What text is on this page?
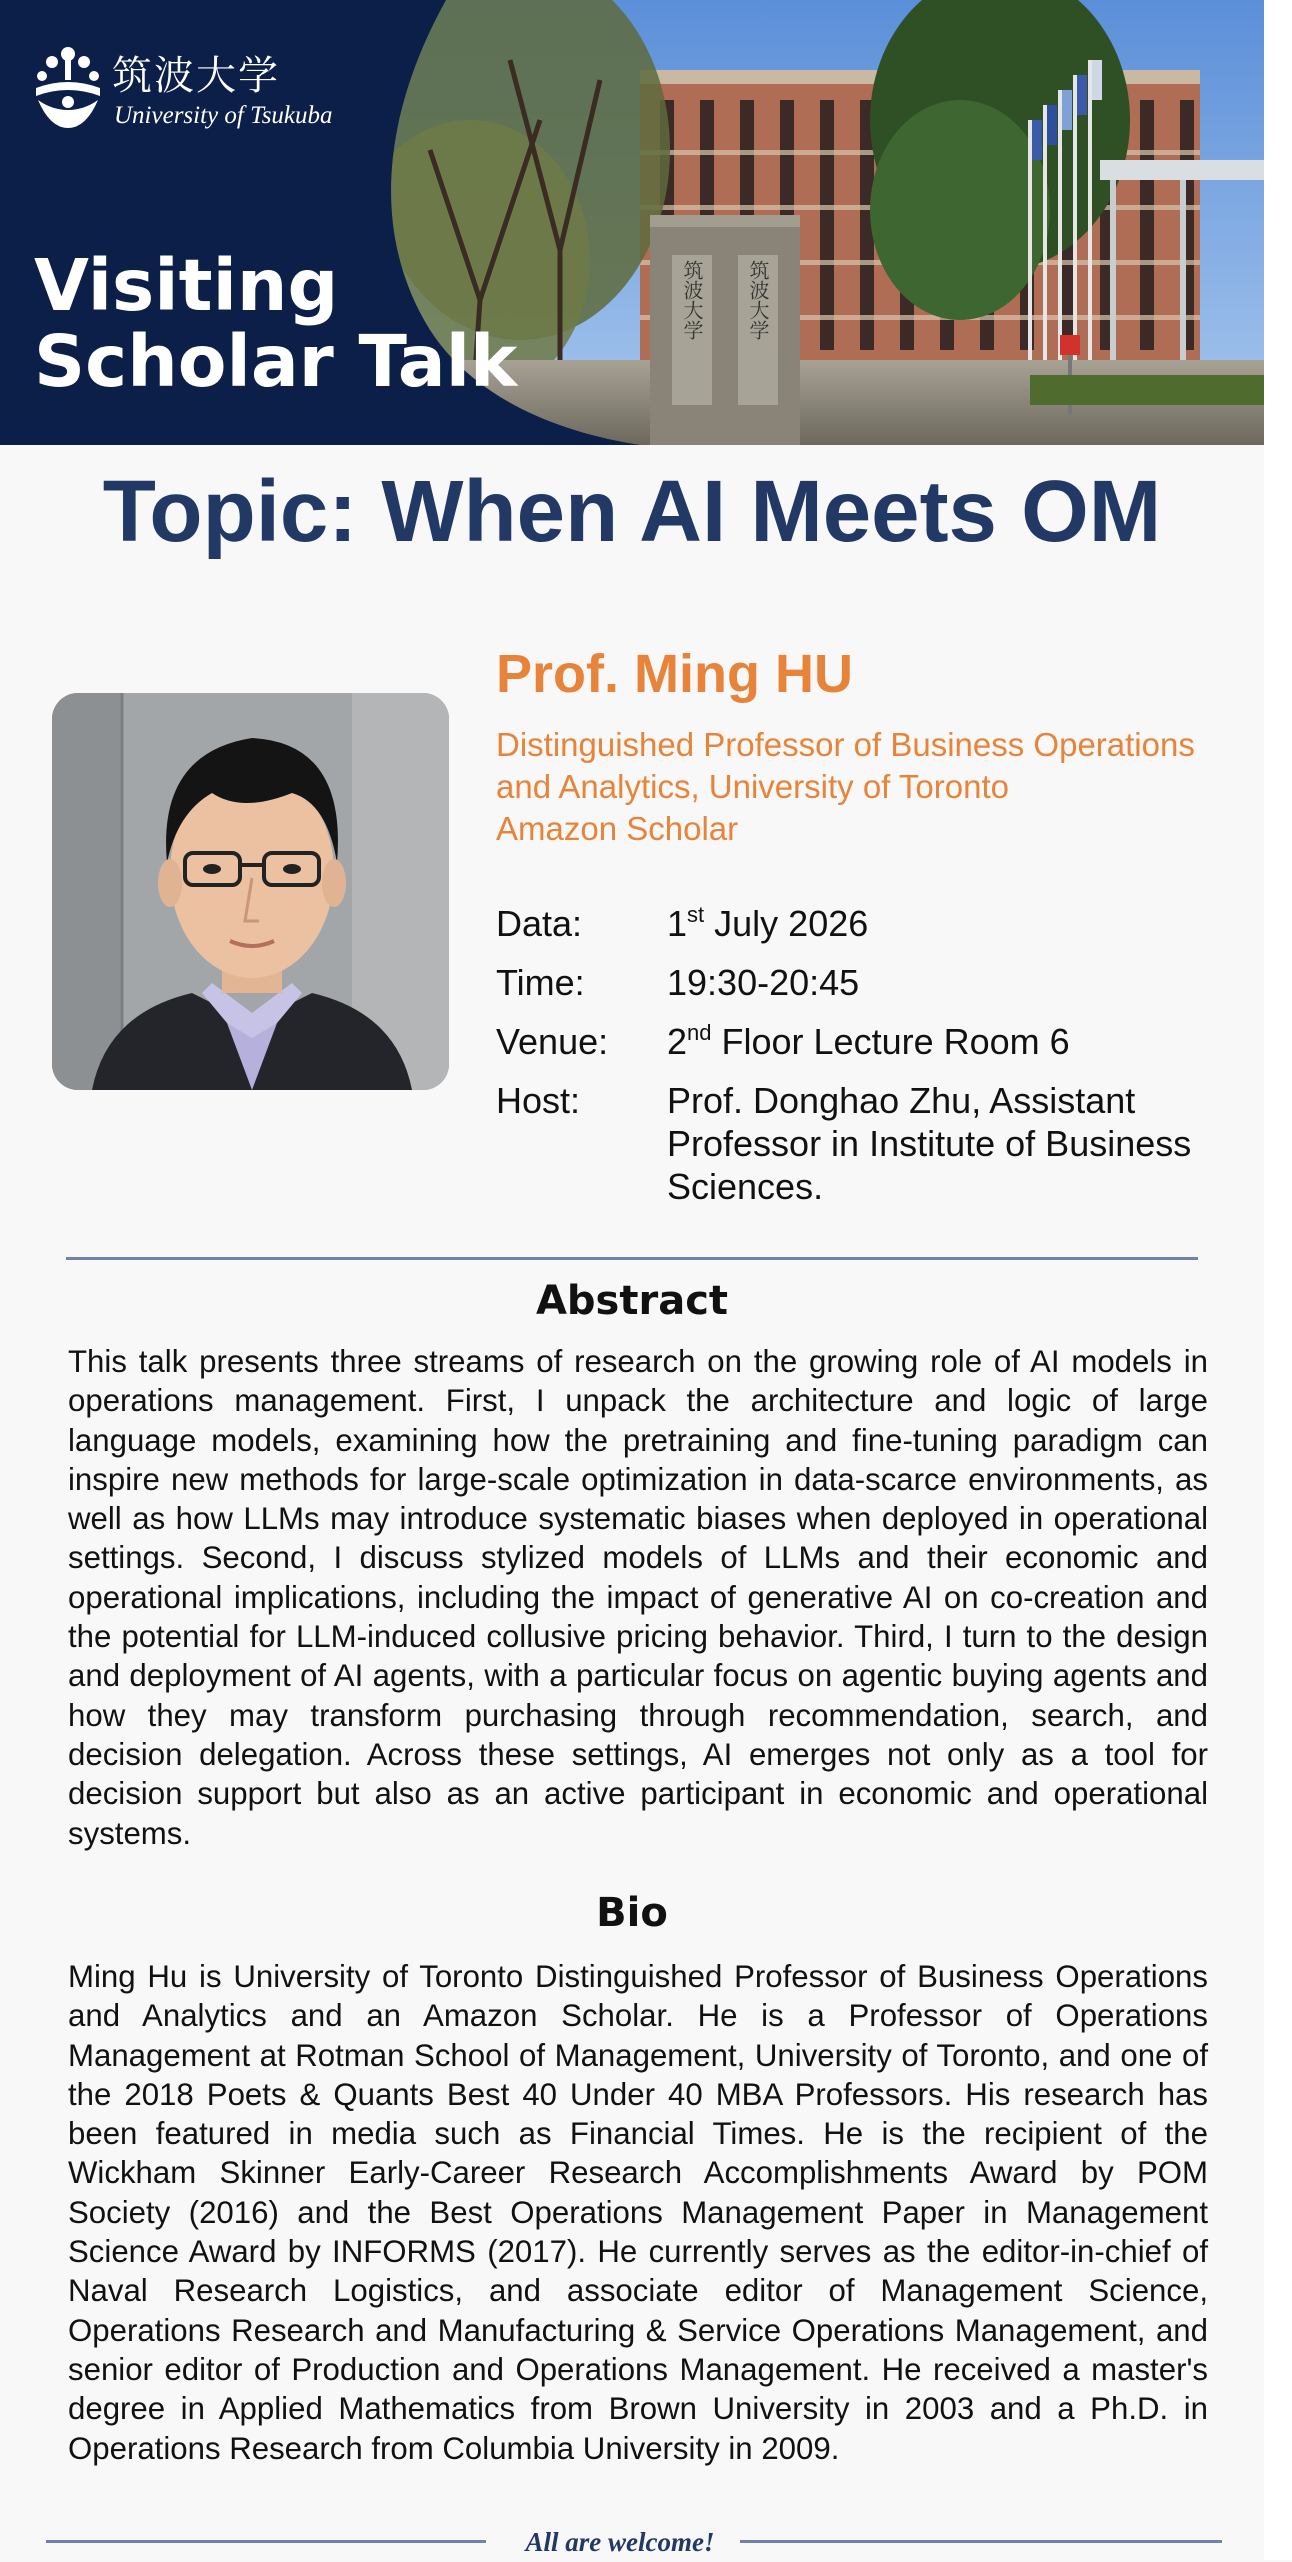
筑波大学 筑波大学
筑波大学
University of Tsukuba
Visiting
Scholar Talk
Topic: When AI Meets OM
Prof. Ming HU
Distinguished Professor of Business Operations
and Analytics, University of Toronto
Amazon Scholar
Data: 1st July 2026
Time: 19:30-20:45
Venue: 2nd Floor Lecture Room 6
Host: Prof. Donghao Zhu, Assistant
Professor in Institute of Business
Sciences.
Abstract

This talk presents three streams of research on the growing role of AI models in operations management. First, I unpack the architecture and logic of large language models, examining how the pretraining and fine-tuning paradigm can inspire new methods for large-scale optimization in data-scarce environments, as well as how LLMs may introduce systematic biases when deployed in operational settings. Second, I discuss stylized models of LLMs and their economic and operational implications, including the impact of generative AI on co-creation and the potential for LLM-induced collusive pricing behavior. Third, I turn to the design and deployment of AI agents, with a particular focus on agentic buying agents and how they may transform purchasing through recommendation, search, and decision delegation. Across these settings, AI emerges not only as a tool for decision support but also as an active participant in economic and operational systems.

Bio

Ming Hu is University of Toronto Distinguished Professor of Business Operations and Analytics and an Amazon Scholar. He is a Professor of Operations Management at Rotman School of Management, University of Toronto, and one of the 2018 Poets & Quants Best 40 Under 40 MBA Professors. His research has been featured in media such as Financial Times. He is the recipient of the Wickham Skinner Early-Career Research Accomplishments Award by POM Society (2016) and the Best Operations Management Paper in Management Science Award by INFORMS (2017). He currently serves as the editor-in-chief of Naval Research Logistics, and associate editor of Management Science, Operations Research and Manufacturing & Service Operations Management, and senior editor of Production and Operations Management. He received a master's degree in Applied Mathematics from Brown University in 2003 and a Ph.D. in Operations Research from Columbia University in 2009.

All are welcome!
